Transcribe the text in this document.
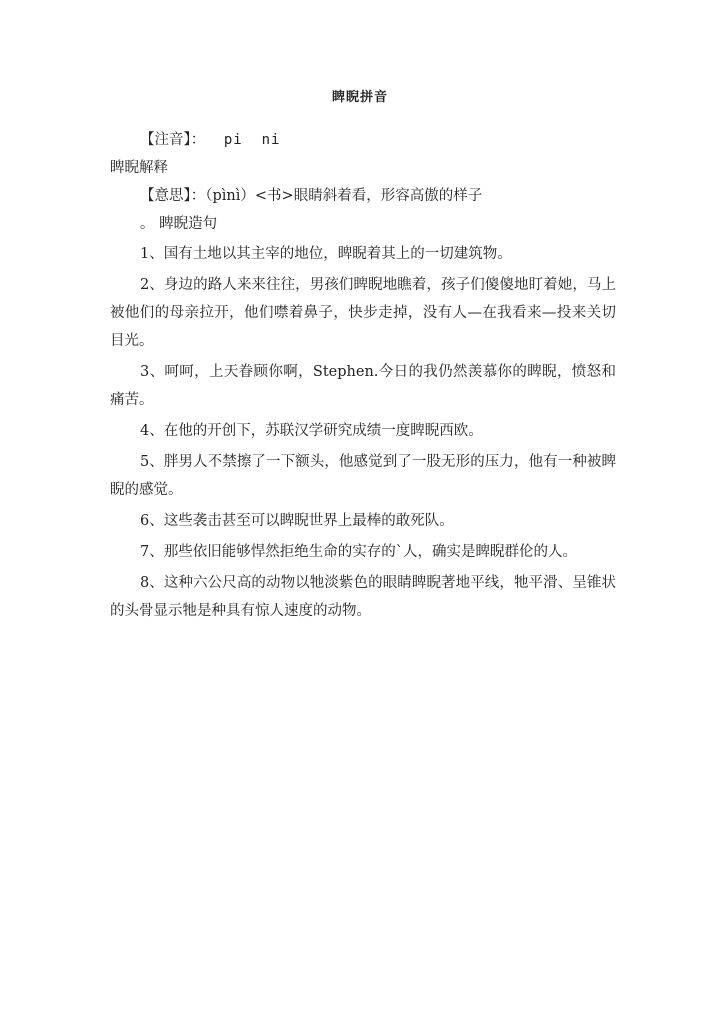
睥睨拼音

【注音】： pi  ni

睥睨解释

【意思】：（pìnì）<书>眼睛斜着看，形容高傲的样子

。 睥睨造句

1、国有土地以其主宰的地位，睥睨着其上的一切建筑物。

2、身边的路人来来往往，男孩们睥睨地瞧着，孩子们傻傻地盯着她，马上被他们的母亲拉开，他们噤着鼻子，快步走掉，没有人—在我看来—投来关切目光。

3、呵呵，上天眷顾你啊，Stephen.今日的我仍然羡慕你的睥睨，愤怒和痛苦。

4、在他的开创下，苏联汉学研究成绩一度睥睨西欧。

5、胖男人不禁擦了一下额头，他感觉到了一股无形的压力，他有一种被睥睨的感觉。

6、这些袭击甚至可以睥睨世界上最棒的敢死队。

7、那些依旧能够悍然拒绝生命的实存的`人，确实是睥睨群伦的人。

8、这种六公尺高的动物以牠淡紫色的眼睛睥睨著地平线，牠平滑、呈锥状的头骨显示牠是种具有惊人速度的动物。
